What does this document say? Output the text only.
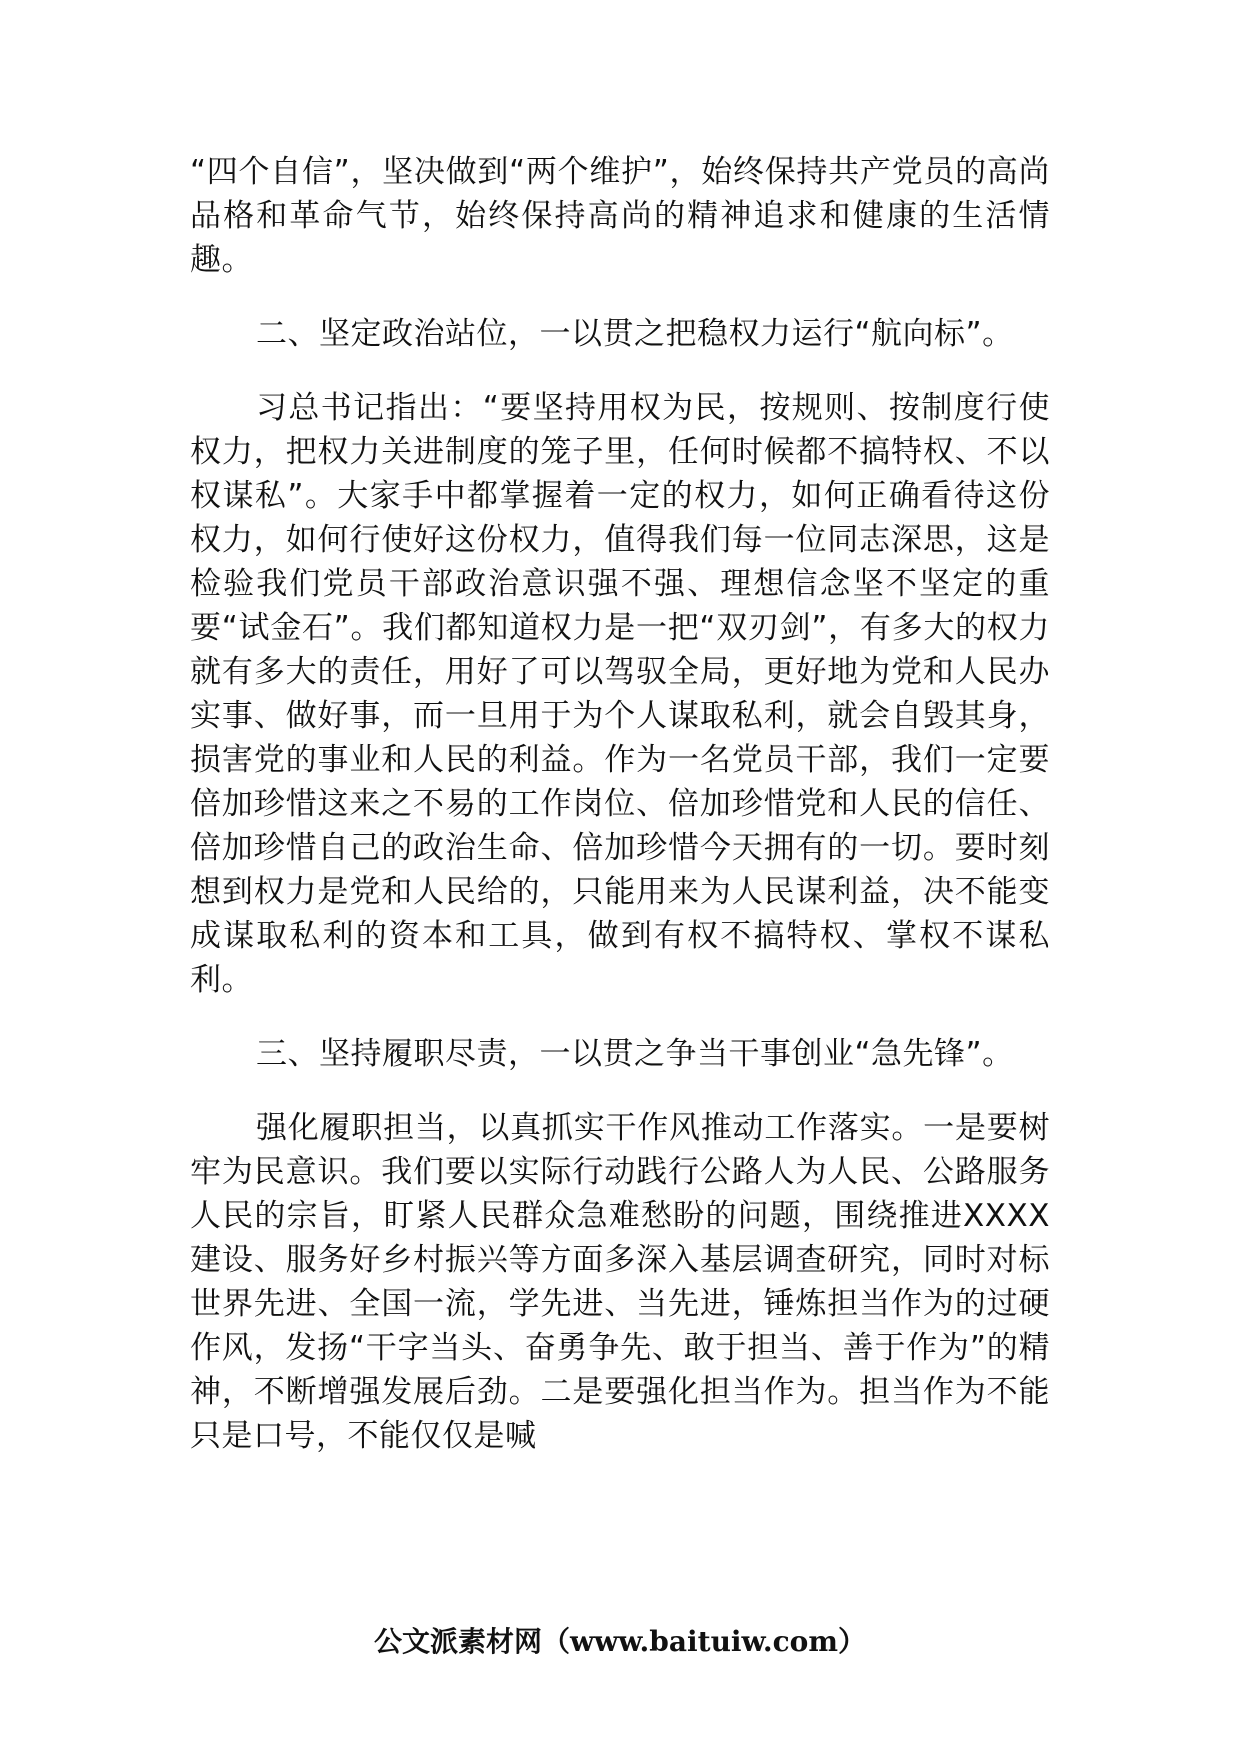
“四个自信”，坚决做到“两个维护”，始终保持共产党员的高尚品格和革命气节，始终保持高尚的精神追求和健康的生活情趣。

二、坚定政治站位，一以贯之把稳权力运行“航向标”。

习总书记指出：“要坚持用权为民，按规则、按制度行使权力，把权力关进制度的笼子里，任何时候都不搞特权、不以权谋私”。大家手中都掌握着一定的权力，如何正确看待这份权力，如何行使好这份权力，值得我们每一位同志深思，这是检验我们党员干部政治意识强不强、理想信念坚不坚定的重要“试金石”。我们都知道权力是一把“双刃剑”，有多大的权力就有多大的责任，用好了可以驾驭全局，更好地为党和人民办实事、做好事，而一旦用于为个人谋取私利，就会自毁其身，损害党的事业和人民的利益。作为一名党员干部，我们一定要倍加珍惜这来之不易的工作岗位、倍加珍惜党和人民的信任、倍加珍惜自己的政治生命、倍加珍惜今天拥有的一切。要时刻想到权力是党和人民给的，只能用来为人民谋利益，决不能变成谋取私利的资本和工具，做到有权不搞特权、掌权不谋私利。

三、坚持履职尽责，一以贯之争当干事创业“急先锋”。

强化履职担当，以真抓实干作风推动工作落实。一是要树牢为民意识。我们要以实际行动践行公路人为人民、公路服务人民的宗旨，盯紧人民群众急难愁盼的问题，围绕推进XXXX建设、服务好乡村振兴等方面多深入基层调查研究，同时对标世界先进、全国一流，学先进、当先进，锤炼担当作为的过硬作风，发扬“干字当头、奋勇争先、敢于担当、善于作为”的精神，不断增强发展后劲。二是要强化担当作为。担当作为不能只是口号，不能仅仅是喊

公文派素材网（www.baituiw.com）
